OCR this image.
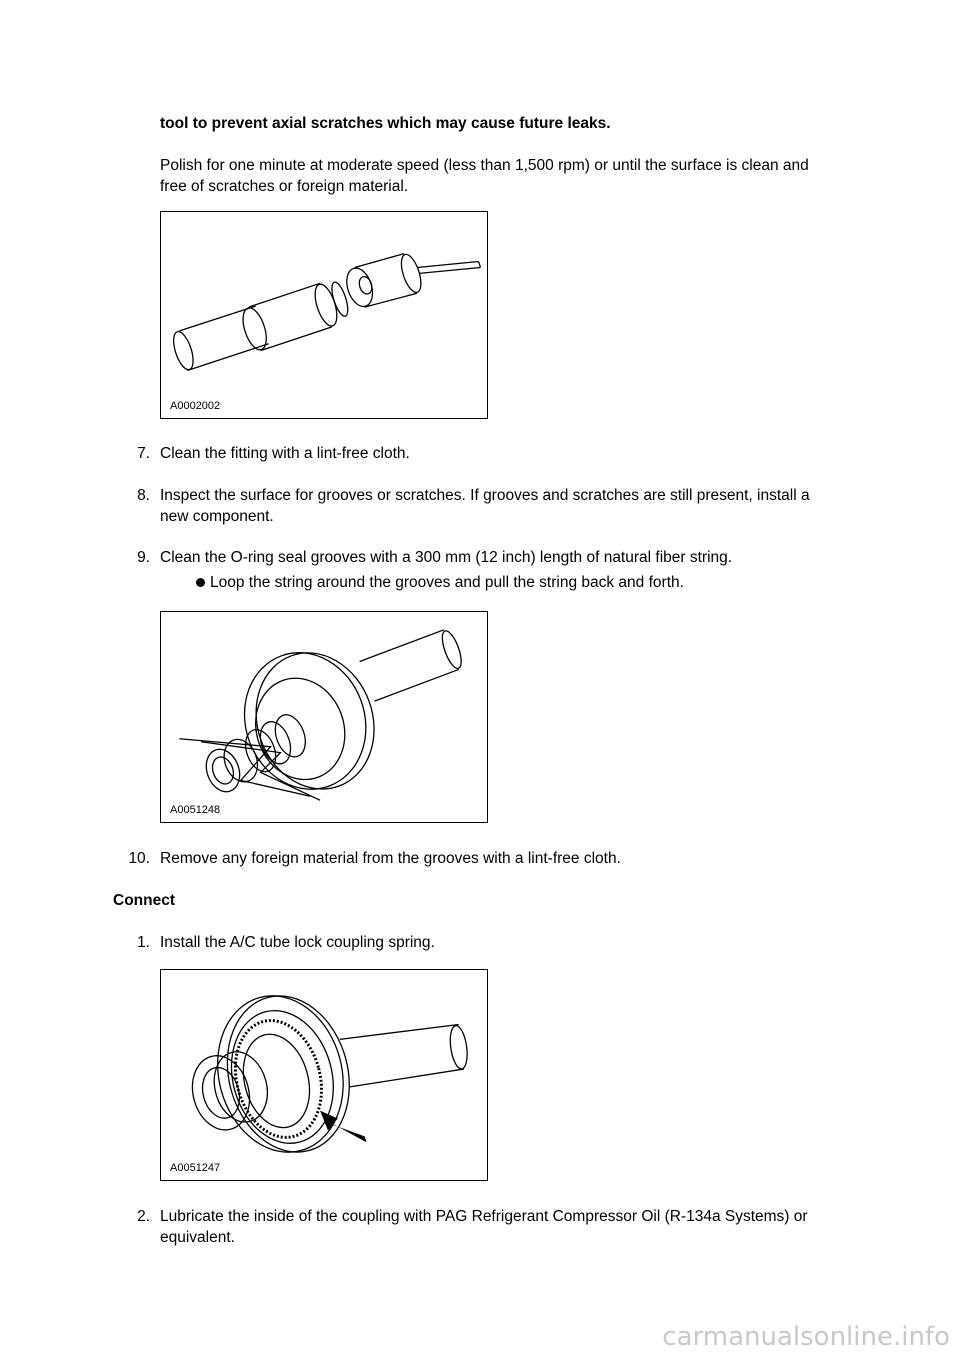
tool to prevent axial scratches which may cause future leaks.
Polish for one minute at moderate speed (less than 1,500 rpm) or until the surface is clean and
free of scratches or foreign material.
A0002002
7. Clean the fitting with a lint-free cloth.
8. Inspect the surface for grooves or scratches. If grooves and scratches are still present, install a
new component.
9. Clean the O-ring seal grooves with a 300 mm (12 inch) length of natural fiber string.
Loop the string around the grooves and pull the string back and forth.
A0051248
10. Remove any foreign material from the grooves with a lint-free cloth.
Connect
1. Install the A/C tube lock coupling spring.
A0051247
2. Lubricate the inside of the coupling with PAG Refrigerant Compressor Oil (R-134a Systems) or
equivalent.
carmanualsonline.info
